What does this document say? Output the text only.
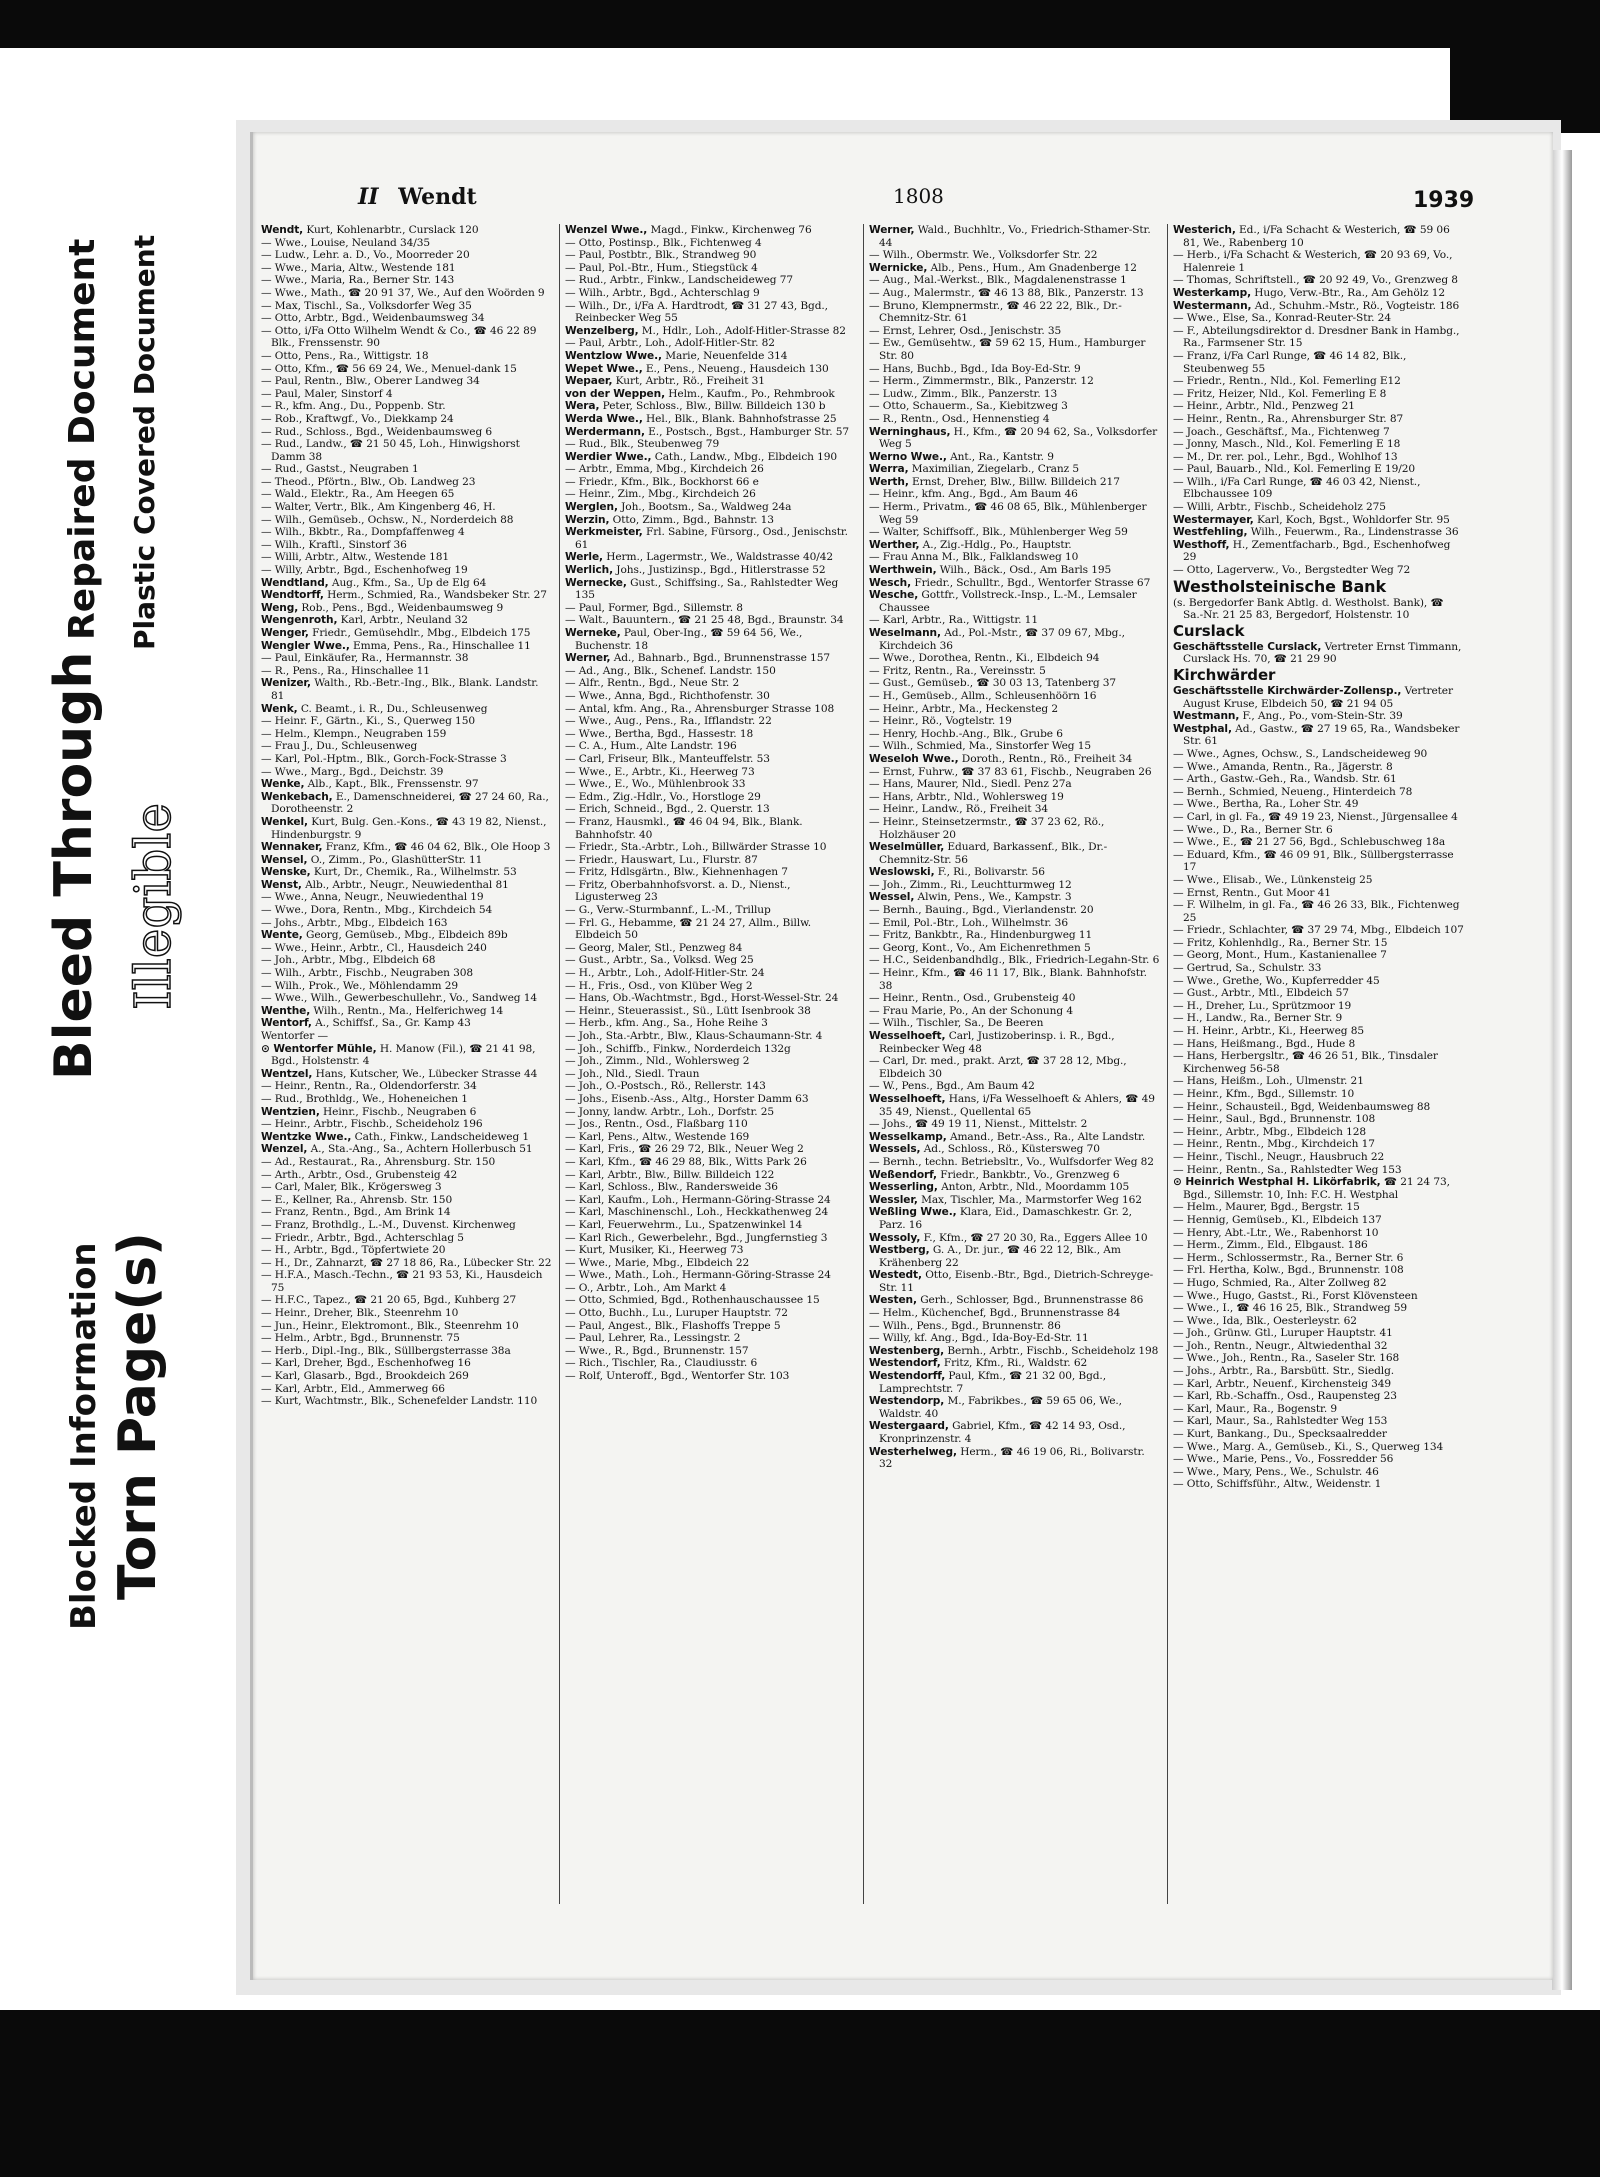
Blocked Information Torn Page(s)
Bleed Through Illegible
Repaired Document Plastic Covered Document
II Wendt	1808	1939

Wendt, Kurt, Kohlenarbtr., Curslack 120

— Wwe., Louise, Neuland 34/35

— Ludw., Lehr. a. D., Vo., Moorreder 20

— Wwe., Maria, Altw., Westende 181

— Wwe., Maria, Ra., Berner Str. 143

— Wwe., Math., ☎ 20 91 37, We., Auf den Woörden 9

— Max, Tischl., Sa., Volksdorfer Weg 35

— Otto, Arbtr., Bgd., Weidenbaumsweg 34

— Otto, i/Fa Otto Wilhelm Wendt & Co., ☎ 46 22 89 Blk., Frenssenstr. 90

— Otto, Pens., Ra., Wittigstr. 18

— Otto, Kfm., ☎ 56 69 24, We., Menuel-dank 15

— Paul, Rentn., Blw., Oberer Landweg 34

— Paul, Maler, Sinstorf 4

— R., kfm. Ang., Du., Poppenb. Str.

— Rob., Kraftwgf., Vo., Diekkamp 24

— Rud., Schloss., Bgd., Weidenbaumsweg 6

— Rud., Landw., ☎ 21 50 45, Loh., Hinwigshorst Damm 38

— Rud., Gastst., Neugraben 1

— Theod., Pförtn., Blw., Ob. Landweg 23

— Wald., Elektr., Ra., Am Heegen 65

— Walter, Vertr., Blk., Am Kingenberg 46, H.

— Wilh., Gemüseb., Ochsw., N., Norderdeich 88

— Wilh., Bkbtr., Ra., Dompfaffenweg 4

— Wilh., Kraftl., Sinstorf 36

— Willi, Arbtr., Altw., Westende 181

— Willy, Arbtr., Bgd., Eschenhofweg 19

Wendtland, Aug., Kfm., Sa., Up de Elg 64

Wendtorff, Herm., Schmied, Ra., Wandsbeker Str. 27

Weng, Rob., Pens., Bgd., Weidenbaumsweg 9

Wengenroth, Karl, Arbtr., Neuland 32

Wenger, Friedr., Gemüsehdlr., Mbg., Elbdeich 175

Wengler Wwe., Emma, Pens., Ra., Hinschallee 11

— Paul, Einkäufer, Ra., Hermannstr. 38

— R., Pens., Ra., Hinschallee 11

Wenizer, Walth., Rb.-Betr.-Ing., Blk., Blank. Landstr. 81

Wenk, C. Beamt., i. R., Du., Schleusenweg

— Heinr. F., Gärtn., Ki., S., Querweg 150

— Helm., Klempn., Neugraben 159

— Frau J., Du., Schleusenweg

— Karl, Pol.-Hptm., Blk., Gorch-Fock-Strasse 3

— Wwe., Marg., Bgd., Deichstr. 39

Wenke, Alb., Kapt., Blk., Frenssenstr. 97

Wenkebach, E., Damenschneiderei, ☎ 27 24 60, Ra., Dorotheenstr. 2

Wenkel, Kurt, Bulg. Gen.-Kons., ☎ 43 19 82, Nienst., Hindenburgstr. 9

Wennaker, Franz, Kfm., ☎ 46 04 62, Blk., Ole Hoop 3

Wensel, O., Zimm., Po., GlashütterStr. 11

Wenske, Kurt, Dr., Chemik., Ra., Wilhelmstr. 53

Wenst, Alb., Arbtr., Neugr., Neuwiedenthal 81

— Wwe., Anna, Neugr., Neuwiedenthal 19

— Wwe., Dora, Rentn., Mbg., Kirchdeich 54

— Johs., Arbtr., Mbg., Elbdeich 163

Wente, Georg, Gemüseb., Mbg., Elbdeich 89b

— Wwe., Heinr., Arbtr., Cl., Hausdeich 240

— Joh., Arbtr., Mbg., Elbdeich 68

— Wilh., Arbtr., Fischb., Neugraben 308

— Wilh., Prok., We., Möhlendamm 29

— Wwe., Wilh., Gewerbeschullehr., Vo., Sandweg 14

Wenthe, Wilh., Rentn., Ma., Helferichweg 14

Wentorf, A., Schiffsf., Sa., Gr. Kamp 43

Wentorfer —

⊙ Wentorfer Mühle, H. Manow (Fil.), ☎ 21 41 98, Bgd., Holstenstr. 4

Wentzel, Hans, Kutscher, We., Lübecker Strasse 44

— Heinr., Rentn., Ra., Oldendorferstr. 34

— Rud., Brothldg., We., Hoheneichen 1

Wentzien, Heinr., Fischb., Neugraben 6

— Heinr., Arbtr., Fischb., Scheideholz 196

Wentzke Wwe., Cath., Finkw., Landscheideweg 1

Wenzel, A., Sta.-Ang., Sa., Achtern Hollerbusch 51

— Ad., Restaurat., Ra., Ahrensburg. Str. 150

— Arth., Arbtr., Osd., Grubensteig 42

— Carl, Maler, Blk., Krögersweg 3

— E., Kellner, Ra., Ahrensb. Str. 150

— Franz, Rentn., Bgd., Am Brink 14

— Franz, Brothdlg., L.-M., Duvenst. Kirchenweg

— Friedr., Arbtr., Bgd., Achterschlag 5

— H., Arbtr., Bgd., Töpfertwiete 20

— H., Dr., Zahnarzt, ☎ 27 18 86, Ra., Lübecker Str. 22

— H.F.A., Masch.-Techn., ☎ 21 93 53, Ki., Hausdeich 75

— H.F.C., Tapez., ☎ 21 20 65, Bgd., Kuhberg 27

— Heinr., Dreher, Blk., Steenrehm 10

— Jun., Heinr., Elektromont., Blk., Steenrehm 10

— Helm., Arbtr., Bgd., Brunnenstr. 75

— Herb., Dipl.-Ing., Blk., Süllbergsterrasse 38a

— Karl, Dreher, Bgd., Eschenhofweg 16

— Karl, Glasarb., Bgd., Brookdeich 269

— Karl, Arbtr., Eld., Ammerweg 66

— Kurt, Wachtmstr., Blk., Schenefelder Landstr. 110

Wenzel Wwe., Magd., Finkw., Kirchenweg 76

— Otto, Postinsp., Blk., Fichtenweg 4

— Paul, Postbtr., Blk., Strandweg 90

— Paul, Pol.-Btr., Hum., Stiegstück 4

— Rud., Arbtr., Finkw., Landscheideweg 77

— Wilh., Arbtr., Bgd., Achterschlag 9

— Wilh., Dr., i/Fa A. Hardtrodt, ☎ 31 27 43, Bgd., Reinbecker Weg 55

Wenzelberg, M., Hdlr., Loh., Adolf-Hitler-Strasse 82

— Paul, Arbtr., Loh., Adolf-Hitler-Str. 82

Wentzlow Wwe., Marie, Neuenfelde 314

Wepet Wwe., E., Pens., Neueng., Hausdeich 130

Wepaer, Kurt, Arbtr., Rö., Freiheit 31

von der Weppen, Helm., Kaufm., Po., Rehmbrook

Wera, Peter, Schloss., Blw., Billw. Billdeich 130 b

Werda Wwe., Hel., Blk., Blank. Bahnhofstrasse 25

Werdermann, E., Postsch., Bgst., Hamburger Str. 57

— Rud., Blk., Steubenweg 79

Werdier Wwe., Cath., Landw., Mbg., Elbdeich 190

— Arbtr., Emma, Mbg., Kirchdeich 26

— Friedr., Kfm., Blk., Bockhorst 66 e

— Heinr., Zim., Mbg., Kirchdeich 26

Werglen, Joh., Bootsm., Sa., Waldweg 24a

Werzin, Otto, Zimm., Bgd., Bahnstr. 13

Werkmeister, Frl. Sabine, Fürsorg., Osd., Jenischstr. 61

Werle, Herm., Lagermstr., We., Waldstrasse 40/42

Werlich, Johs., Justizinsp., Bgd., Hitlerstrasse 52

Wernecke, Gust., Schiffsing., Sa., Rahlstedter Weg 135

— Paul, Former, Bgd., Sillemstr. 8

— Walt., Bauuntern., ☎ 21 25 48, Bgd., Braunstr. 34

Werneke, Paul, Ober-Ing., ☎ 59 64 56, We., Buchenstr. 18

Werner, Ad., Bahnarb., Bgd., Brunnenstrasse 157

— Ad., Ang., Blk., Schenef. Landstr. 150

— Alfr., Rentn., Bgd., Neue Str. 2

— Wwe., Anna, Bgd., Richthofenstr. 30

— Antal, kfm. Ang., Ra., Ahrensburger Strasse 108

— Wwe., Aug., Pens., Ra., Ifflandstr. 22

— Wwe., Bertha, Bgd., Hassestr. 18

— C. A., Hum., Alte Landstr. 196

— Carl, Friseur, Blk., Manteuffelstr. 53

— Wwe., E., Arbtr., Ki., Heerweg 73

— Wwe., E., Wo., Mühlenbrook 33

— Edm., Zig.-Hdlr., Vo., Horstloge 29

— Erich, Schneid., Bgd., 2. Querstr. 13

— Franz, Hausmkl., ☎ 46 04 94, Blk., Blank. Bahnhofstr. 40

— Friedr., Sta.-Arbtr., Loh., Billwärder Strasse 10

— Friedr., Hauswart, Lu., Flurstr. 87

— Fritz, Hdlsgärtn., Blw., Kiehnenhagen 7

— Fritz, Oberbahnhofsvorst. a. D., Nienst., Ligusterweg 23

— G., Verw.-Sturmbannf., L.-M., Trillup

— Frl. G., Hebamme, ☎ 21 24 27, Allm., Billw. Elbdeich 50

— Georg, Maler, Stl., Penzweg 84

— Gust., Arbtr., Sa., Volksd. Weg 25

— H., Arbtr., Loh., Adolf-Hitler-Str. 24

— H., Fris., Osd., von Klüber Weg 2

— Hans, Ob.-Wachtmstr., Bgd., Horst-Wessel-Str. 24

— Heinr., Steuerassist., Sü., Lütt Isenbrook 38

— Herb., kfm. Ang., Sa., Hohe Reihe 3

— Joh., Sta.-Arbtr., Blw., Klaus-Schaumann-Str. 4

— Joh., Schiffb., Finkw., Norderdeich 132g

— Joh., Zimm., Nld., Wohlersweg 2

— Joh., Nld., Siedl. Traun

— Joh., O.-Postsch., Rö., Rellerstr. 143

— Johs., Eisenb.-Ass., Altg., Horster Damm 63

— Jonny, landw. Arbtr., Loh., Dorfstr. 25

— Jos., Rentn., Osd., Flaßbarg 110

— Karl, Pens., Altw., Westende 169

— Karl, Fris., ☎ 26 29 72, Blk., Neuer Weg 2

— Karl, Kfm., ☎ 46 29 88, Blk., Witts Park 26

— Karl, Arbtr., Blw., Billw. Billdeich 122

— Karl, Schloss., Blw., Randersweide 36

— Karl, Kaufm., Loh., Hermann-Göring-Strasse 24

— Karl, Maschinenschl., Loh., Heckkathenweg 24

— Karl, Feuerwehrm., Lu., Spatzenwinkel 14

— Karl Rich., Gewerbelehr., Bgd., Jungfernstieg 3

— Kurt, Musiker, Ki., Heerweg 73

— Wwe., Marie, Mbg., Elbdeich 22

— Wwe., Math., Loh., Hermann-Göring-Strasse 24

— O., Arbtr., Loh., Am Markt 4

— Otto, Schmied, Bgd., Rothenhauschaussee 15

— Otto, Buchh., Lu., Luruper Hauptstr. 72

— Paul, Angest., Blk., Flashoffs Treppe 5

— Paul, Lehrer, Ra., Lessingstr. 2

— Wwe., R., Bgd., Brunnenstr. 157

— Rich., Tischler, Ra., Claudiusstr. 6

— Rolf, Unteroff., Bgd., Wentorfer Str. 103

Werner, Wald., Buchhltr., Vo., Friedrich-Sthamer-Str. 44

— Wilh., Obermstr. We., Volksdorfer Str. 22

Wernicke, Alb., Pens., Hum., Am Gnadenberge 12

— Aug., Mal.-Werkst., Blk., Magdalenenstrasse 1

— Aug., Malermstr., ☎ 46 13 88, Blk., Panzerstr. 13

— Bruno, Klempnermstr., ☎ 46 22 22, Blk., Dr.-Chemnitz-Str. 61

— Ernst, Lehrer, Osd., Jenischstr. 35

— Ew., Gemüsehtw., ☎ 59 62 15, Hum., Hamburger Str. 80

— Hans, Buchb., Bgd., Ida Boy-Ed-Str. 9

— Herm., Zimmermstr., Blk., Panzerstr. 12

— Ludw., Zimm., Blk., Panzerstr. 13

— Otto, Schauerm., Sa., Kiebitzweg 3

— R., Rentn., Osd., Hennenstieg 4

Werninghaus, H., Kfm., ☎ 20 94 62, Sa., Volksdorfer Weg 5

Werno Wwe., Ant., Ra., Kantstr. 9

Werra, Maximilian, Ziegelarb., Cranz 5

Werth, Ernst, Dreher, Blw., Billw. Billdeich 217

— Heinr., kfm. Ang., Bgd., Am Baum 46

— Herm., Privatm., ☎ 46 08 65, Blk., Mühlenberger Weg 59

— Walter, Schiffsoff., Blk., Mühlenberger Weg 59

Werther, A., Zig.-Hdlg., Po., Hauptstr.

— Frau Anna M., Blk., Falklandsweg 10

Werthwein, Wilh., Bäck., Osd., Am Barls 195

Wesch, Friedr., Schulltr., Bgd., Wentorfer Strasse 67

Wesche, Gottfr., Vollstreck.-Insp., L.-M., Lemsaler Chaussee

— Karl, Arbtr., Ra., Wittigstr. 11

Weselmann, Ad., Pol.-Mstr., ☎ 37 09 67, Mbg., Kirchdeich 36

— Wwe., Dorothea, Rentn., Ki., Elbdeich 94

— Fritz, Rentn., Ra., Vereinsstr. 5

— Gust., Gemüseb., ☎ 30 03 13, Tatenberg 37

— H., Gemüseb., Allm., Schleusenhöörn 16

— Heinr., Arbtr., Ma., Heckensteg 2

— Heinr., Rö., Vogtelstr. 19

— Henry, Hochb.-Ang., Blk., Grube 6

— Wilh., Schmied, Ma., Sinstorfer Weg 15

Weseloh Wwe., Doroth., Rentn., Rö., Freiheit 34

— Ernst, Fuhrw., ☎ 37 83 61, Fischb., Neugraben 26

— Hans, Maurer, Nld., Siedl. Penz 27a

— Hans, Arbtr., Nld., Wohlersweg 19

— Heinr., Landw., Rö., Freiheit 34

— Heinr., Steinsetzermstr., ☎ 37 23 62, Rö., Holzhäuser 20

Weselmüller, Eduard, Barkassenf., Blk., Dr.-Chemnitz-Str. 56

Weslowski, F., Ri., Bolivarstr. 56

— Joh., Zimm., Ri., Leuchtturmweg 12

Wessel, Alwin, Pens., We., Kampstr. 3

— Bernh., Bauing., Bgd., Vierlandenstr. 20

— Emil, Pol.-Btr., Loh., Wilhelmstr. 36

— Fritz, Bankbtr., Ra., Hindenburgweg 11

— Georg, Kont., Vo., Am Eichenrethmen 5

— H.C., Seidenbandhdlg., Blk., Friedrich-Legahn-Str. 6

— Heinr., Kfm., ☎ 46 11 17, Blk., Blank. Bahnhofstr. 38

— Heinr., Rentn., Osd., Grubensteig 40

— Frau Marie, Po., An der Schonung 4

— Wilh., Tischler, Sa., De Beeren

Wesselhoeft, Carl, Justizoberinsp. i. R., Bgd., Reinbecker Weg 48

— Carl, Dr. med., prakt. Arzt, ☎ 37 28 12, Mbg., Elbdeich 30

— W., Pens., Bgd., Am Baum 42

Wesselhoeft, Hans, i/Fa Wesselhoeft & Ahlers, ☎ 49 35 49, Nienst., Quellental 65

— Johs., ☎ 49 19 11, Nienst., Mittelstr. 2

Wesselkamp, Amand., Betr.-Ass., Ra., Alte Landstr.

Wessels, Ad., Schloss., Rö., Küstersweg 70

— Bernh., techn. Betriebsltr., Vo., Wulfsdorfer Weg 82

Weßendorf, Friedr., Bankbtr., Vo., Grenzweg 6

Wesserling, Anton, Arbtr., Nld., Moordamm 105

Wessler, Max, Tischler, Ma., Marmstorfer Weg 162

Weßling Wwe., Klara, Eid., Damaschkestr. Gr. 2, Parz. 16

Wessoly, F., Kfm., ☎ 27 20 30, Ra., Eggers Allee 10

Westberg, G. A., Dr. jur., ☎ 46 22 12, Blk., Am Krähenberg 22

Westedt, Otto, Eisenb.-Btr., Bgd., Dietrich-Schreyge-Str. 11

Westen, Gerh., Schlosser, Bgd., Brunnenstrasse 86

— Helm., Küchenchef, Bgd., Brunnenstrasse 84

— Wilh., Pens., Bgd., Brunnenstr. 86

— Willy, kf. Ang., Bgd., Ida-Boy-Ed-Str. 11

Westenberg, Bernh., Arbtr., Fischb., Scheideholz 198

Westendorf, Fritz, Kfm., Ri., Waldstr. 62

Westendorff, Paul, Kfm., ☎ 21 32 00, Bgd., Lamprechtstr. 7

Westendorp, M., Fabrikbes., ☎ 59 65 06, We., Waldstr. 40

Westergaard, Gabriel, Kfm., ☎ 42 14 93, Osd., Kronprinzenstr. 4

Westerhelweg, Herm., ☎ 46 19 06, Ri., Bolivarstr. 32

Westerich, Ed., i/Fa Schacht & Westerich, ☎ 59 06 81, We., Rabenberg 10

— Herb., i/Fa Schacht & Westerich, ☎ 20 93 69, Vo., Halenreie 1

— Thomas, Schriftstell., ☎ 20 92 49, Vo., Grenzweg 8

Westerkamp, Hugo, Verw.-Btr., Ra., Am Gehölz 12

Westermann, Ad., Schuhm.-Mstr., Rö., Vogteistr. 186

— Wwe., Else, Sa., Konrad-Reuter-Str. 24

— F., Abteilungsdirektor d. Dresdner Bank in Hambg., Ra., Farmsener Str. 15

— Franz, i/Fa Carl Runge, ☎ 46 14 82, Blk., Steubenweg 55

— Friedr., Rentn., Nld., Kol. Femerling E12

— Fritz, Heizer, Nld., Kol. Femerling E 8

— Heinr., Arbtr., Nld., Penzweg 21

— Heinr., Rentn., Ra., Ahrensburger Str. 87

— Joach., Geschäftsf., Ma., Fichtenweg 7

— Jonny, Masch., Nld., Kol. Femerling E 18

— M., Dr. rer. pol., Lehr., Bgd., Wohlhof 13

— Paul, Bauarb., Nld., Kol. Femerling E 19/20

— Wilh., i/Fa Carl Runge, ☎ 46 03 42, Nienst., Elbchaussee 109

— Willi, Arbtr., Fischb., Scheideholz 275

Westermayer, Karl, Koch, Bgst., Wohldorfer Str. 95

Westfehling, Wilh., Feuerwm., Ra., Lindenstrasse 36

Westhoff, H., Zementfacharb., Bgd., Eschenhofweg 29

— Otto, Lagerverw., Vo., Bergstedter Weg 72

Westholsteinische Bank

(s. Bergedorfer Bank Abtlg. d. Westholst. Bank), ☎ Sa.-Nr. 21 25 83, Bergedorf, Holstenstr. 10

Curslack

Geschäftsstelle Curslack, Vertreter Ernst Timmann, Curslack Hs. 70, ☎ 21 29 90

Kirchwärder

Geschäftsstelle Kirchwärder-Zollensp., Vertreter August Kruse, Elbdeich 50, ☎ 21 94 05

Westmann, F., Ang., Po., vom-Stein-Str. 39

Westphal, Ad., Gastw., ☎ 27 19 65, Ra., Wandsbeker Str. 61

— Wwe., Agnes, Ochsw., S., Landscheideweg 90

— Wwe., Amanda, Rentn., Ra., Jägerstr. 8

— Arth., Gastw.-Geh., Ra., Wandsb. Str. 61

— Bernh., Schmied, Neueng., Hinterdeich 78

— Wwe., Bertha, Ra., Loher Str. 49

— Carl, in gl. Fa., ☎ 49 19 23, Nienst., Jürgensallee 4

— Wwe., D., Ra., Berner Str. 6

— Wwe., E., ☎ 21 27 56, Bgd., Schlebuschweg 18a

— Eduard, Kfm., ☎ 46 09 91, Blk., Süllbergsterrasse 17

— Wwe., Elisab., We., Lünkensteig 25

— Ernst, Rentn., Gut Moor 41

— F. Wilhelm, in gl. Fa., ☎ 46 26 33, Blk., Fichtenweg 25

— Friedr., Schlachter, ☎ 37 29 74, Mbg., Elbdeich 107

— Fritz, Kohlenhdlg., Ra., Berner Str. 15

— Georg, Mont., Hum., Kastanienallee 7

— Gertrud, Sa., Schulstr. 33

— Wwe., Grethe, Wo., Kupferredder 45

— Gust., Arbtr., Mtl., Elbdeich 57

— H., Dreher, Lu., Sprützmoor 19

— H., Landw., Ra., Berner Str. 9

— H. Heinr., Arbtr., Ki., Heerweg 85

— Hans, Heißmang., Bgd., Hude 8

— Hans, Herbergsltr., ☎ 46 26 51, Blk., Tinsdaler Kirchenweg 56-58

— Hans, Heißm., Loh., Ulmenstr. 21

— Heinr., Kfm., Bgd., Sillemstr. 10

— Heinr., Schausteil., Bgd, Weidenbaumsweg 88

— Heinr., Saul., Bgd., Brunnenstr. 108

— Heinr., Arbtr., Mbg., Elbdeich 128

— Heinr., Rentn., Mbg., Kirchdeich 17

— Heinr., Tischl., Neugr., Hausbruch 22

— Heinr., Rentn., Sa., Rahlstedter Weg 153

⊙ Heinrich Westphal H. Likörfabrik, ☎ 21 24 73, Bgd., Sillemstr. 10, Inh: F.C. H. Westphal

— Helm., Maurer, Bgd., Bergstr. 15

— Hennig, Gemüseb., Kl., Elbdeich 137

— Henry, Abt.-Ltr., We., Rabenhorst 10

— Herm., Zimm., Eld., Elbgaust. 186

— Herm., Schlossermstr., Ra., Berner Str. 6

— Frl. Hertha, Kolw., Bgd., Brunnenstr. 108

— Hugo, Schmied, Ra., Alter Zollweg 82

— Wwe., Hugo, Gastst., Ri., Forst Klövensteen

— Wwe., I., ☎ 46 16 25, Blk., Strandweg 59

— Wwe., Ida, Blk., Oesterleystr. 62

— Joh., Grünw. Gtl., Luruper Hauptstr. 41

— Joh., Rentn., Neugr., Altwiedenthal 32

— Wwe., Joh., Rentn., Ra., Saseler Str. 168

— Johs., Arbtr., Ra., Barsbütt. Str., Siedlg.

— Karl, Arbtr., Neuenf., Kirchensteig 349

— Karl, Rb.-Schaffn., Osd., Raupensteg 23

— Karl, Maur., Ra., Bogenstr. 9

— Karl, Maur., Sa., Rahlstedter Weg 153

— Kurt, Bankang., Du., Specksaalredder

— Wwe., Marg. A., Gemüseb., Ki., S., Querweg 134

— Wwe., Marie, Pens., Vo., Fossredder 56

— Wwe., Mary, Pens., We., Schulstr. 46

— Otto, Schiffsführ., Altw., Weidenstr. 1
